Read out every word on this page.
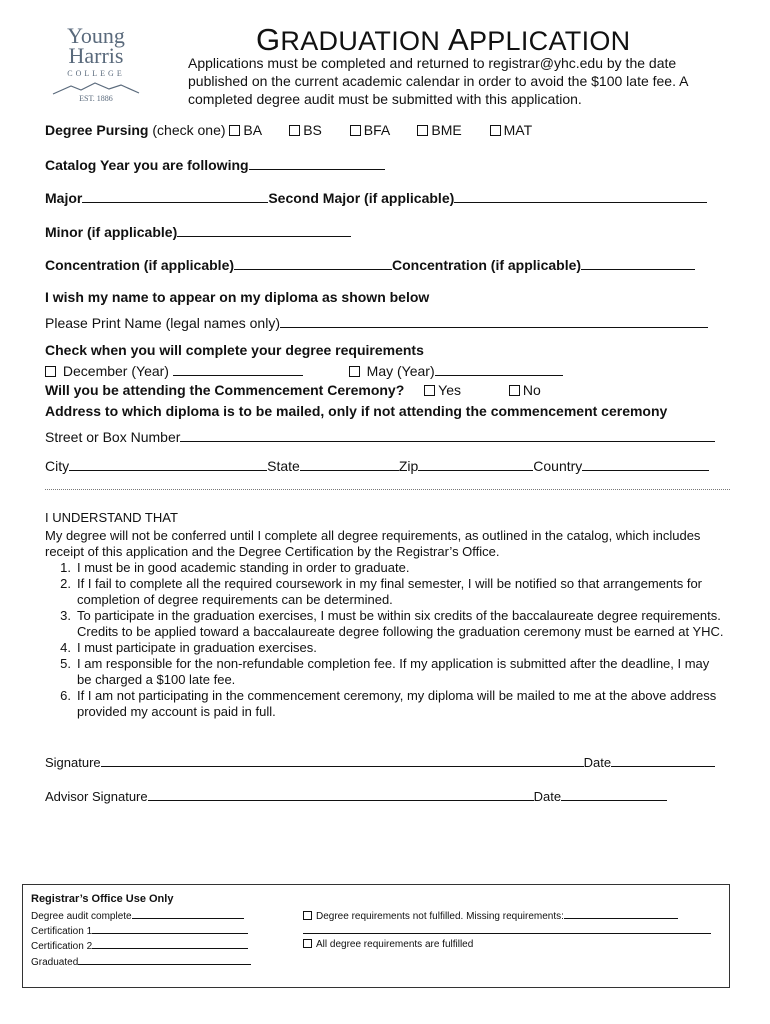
Young
Harris
COLLEGE
EST. 1886
GRADUATION APPLICATION
Applications must be completed and returned to registrar@yhc.edu by the date published on the current academic calendar in order to avoid the $100 late fee. A completed degree audit must be submitted with this application.
Degree Pursing (check one) BA	BS	BFA	BME	MAT
Catalog Year you are following
Major	Second Major (if applicable)
Minor (if applicable)
Concentration (if applicable)	Concentration (if applicable)
I wish my name to appear on my diploma as shown below
Please Print Name (legal names only)
Check when you will complete your degree requirements
December (Year)	May (Year)
Will you be attending the Commencement Ceremony? Yes	No
Address to which diploma is to be mailed, only if not attending the commencement ceremony
Street or Box Number
City	State	Zip	Country
I UNDERSTAND THAT

My degree will not be conferred until I complete all degree requirements, as outlined in the catalog, which includes receipt of this application and the Degree Certification by the Registrar’s Office.

1. I must be in good academic standing in order to graduate.
2. If I fail to complete all the required coursework in my final semester, I will be notified so that arrangements for completion of degree requirements can be determined.
3. To participate in the graduation exercises, I must be within six credits of the baccalaureate degree requirements. Credits to be applied toward a baccalaureate degree following the graduation ceremony must be earned at YHC.
4. I must participate in graduation exercises.
5. I am responsible for the non-refundable completion fee. If my application is submitted after the deadline, I may be charged a $100 late fee.
6. If I am not participating in the commencement ceremony, my diploma will be mailed to me at the above address provided my account is paid in full.
Signature	Date
Advisor Signature	Date
Registrar’s Office Use Only
Degree audit complete
Certification 1
Certification 2
Graduated
Degree requirements not fulfilled. Missing requirements:
All degree requirements are fulfilled
